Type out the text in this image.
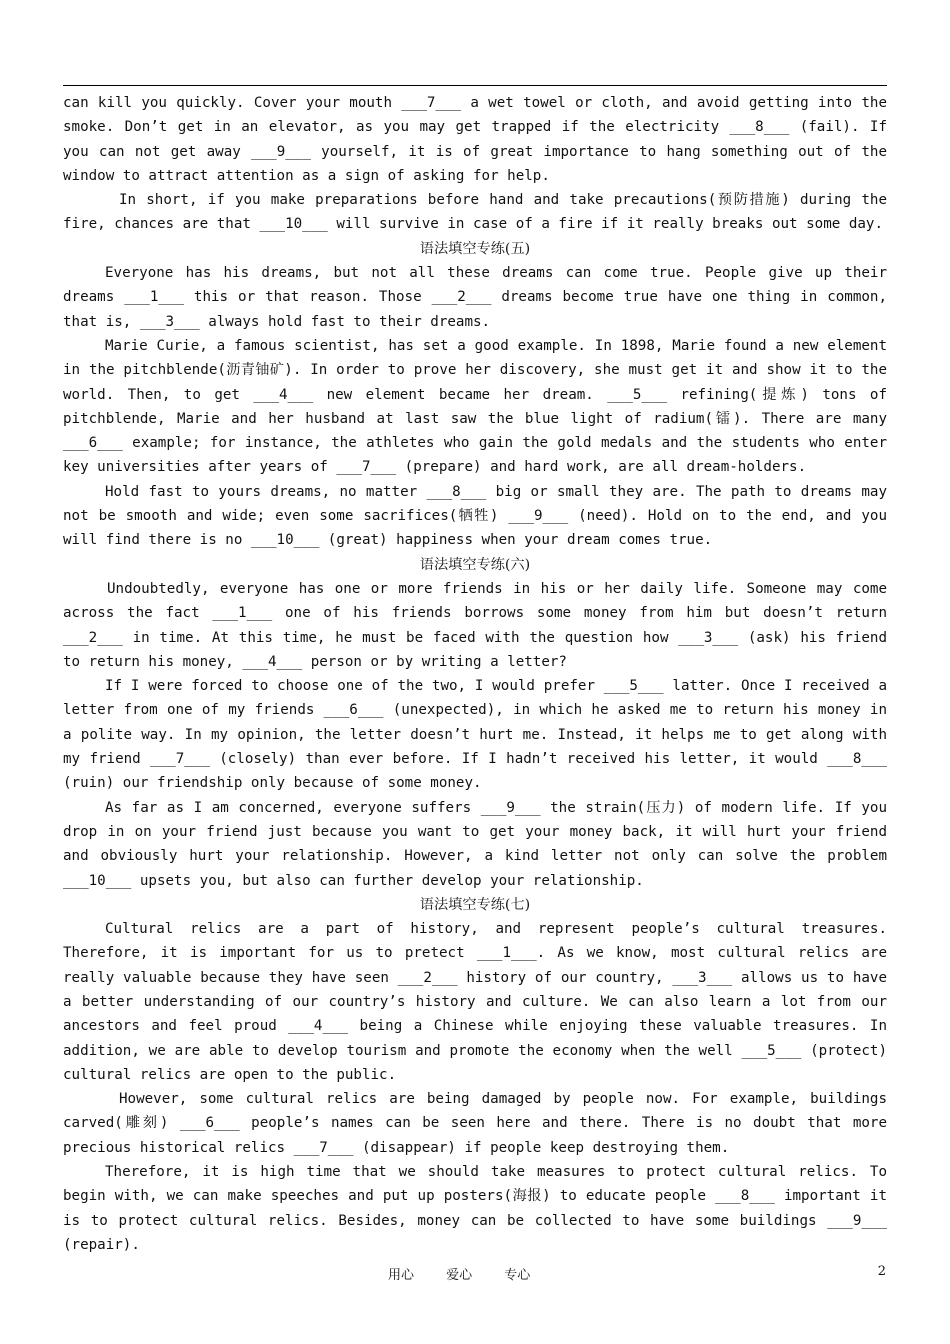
can kill you quickly. Cover your mouth ___7___ a wet towel or cloth, and avoid getting into the smoke. Don’t get in an elevator, as you may get trapped if the electricity ___8___ (fail). If you can not get away ___9___ yourself, it is of great importance to hang something out of the window to attract attention as a sign of asking for help.

In short, if you make preparations before hand and take precautions(预防措施) during the fire, chances are that ___10___ will survive in case of a fire if it really breaks out some day.

语法填空专练(五)

Everyone has his dreams, but not all these dreams can come true. People give up their dreams ___1___ this or that reason. Those ___2___ dreams become true have one thing in common, that is, ___3___ always hold fast to their dreams.

Marie Curie, a famous scientist, has set a good example. In 1898, Marie found a new element in the pitchblende(沥青铀矿). In order to prove her discovery, she must get it and show it to the world. Then, to get ___4___ new element became her dream. ___5___ refining(提炼) tons of pitchblende, Marie and her husband at last saw the blue light of radium(镭). There are many ___6___ example; for instance, the athletes who gain the gold medals and the students who enter key universities after years of ___7___ (prepare) and hard work, are all dream-holders.

Hold fast to yours dreams, no matter ___8___ big or small they are. The path to dreams may not be smooth and wide; even some sacrifices(牺牲) ___9___ (need). Hold on to the end, and you will find there is no ___10___ (great) happiness when your dream comes true.

语法填空专练(六)

Undoubtedly, everyone has one or more friends in his or her daily life. Someone may come across the fact ___1___ one of his friends borrows some money from him but doesn’t return ___2___ in time. At this time, he must be faced with the question how ___3___ (ask) his friend to return his money, ___4___ person or by writing a letter?

If I were forced to choose one of the two, I would prefer ___5___ latter. Once I received a letter from one of my friends ___6___ (unexpected), in which he asked me to return his money in a polite way. In my opinion, the letter doesn’t hurt me. Instead, it helps me to get along with my friend ___7___ (closely) than ever before. If I hadn’t received his letter, it would ___8___ (ruin) our friendship only because of some money.

As far as I am concerned, everyone suffers ___9___ the strain(压力) of modern life. If you drop in on your friend just because you want to get your money back, it will hurt your friend and obviously hurt your relationship. However, a kind letter not only can solve the problem ___10___ upsets you, but also can further develop your relationship.

语法填空专练(七)

Cultural relics are a part of history, and represent people’s cultural treasures. Therefore, it is important for us to pretect ___1___. As we know, most cultural relics are really valuable because they have seen ___2___ history of our country, ___3___ allows us to have a better understanding of our country’s history and culture. We can also learn a lot from our ancestors and feel proud ___4___ being a Chinese while enjoying these valuable treasures. In addition, we are able to develop tourism and promote the economy when the well ___5___ (protect) cultural relics are open to the public.

However, some cultural relics are being damaged by people now. For example, buildings carved(雕刻) ___6___ people’s names can be seen here and there. There is no doubt that more precious historical relics ___7___ (disappear) if people keep destroying them.

Therefore, it is high time that we should take measures to protect cultural relics. To begin with, we can make speeches and put up posters(海报) to educate people ___8___ important it is to protect cultural relics. Besides, money can be collected to have some buildings ___9___ (repair).

用心 爱心 专心	2
